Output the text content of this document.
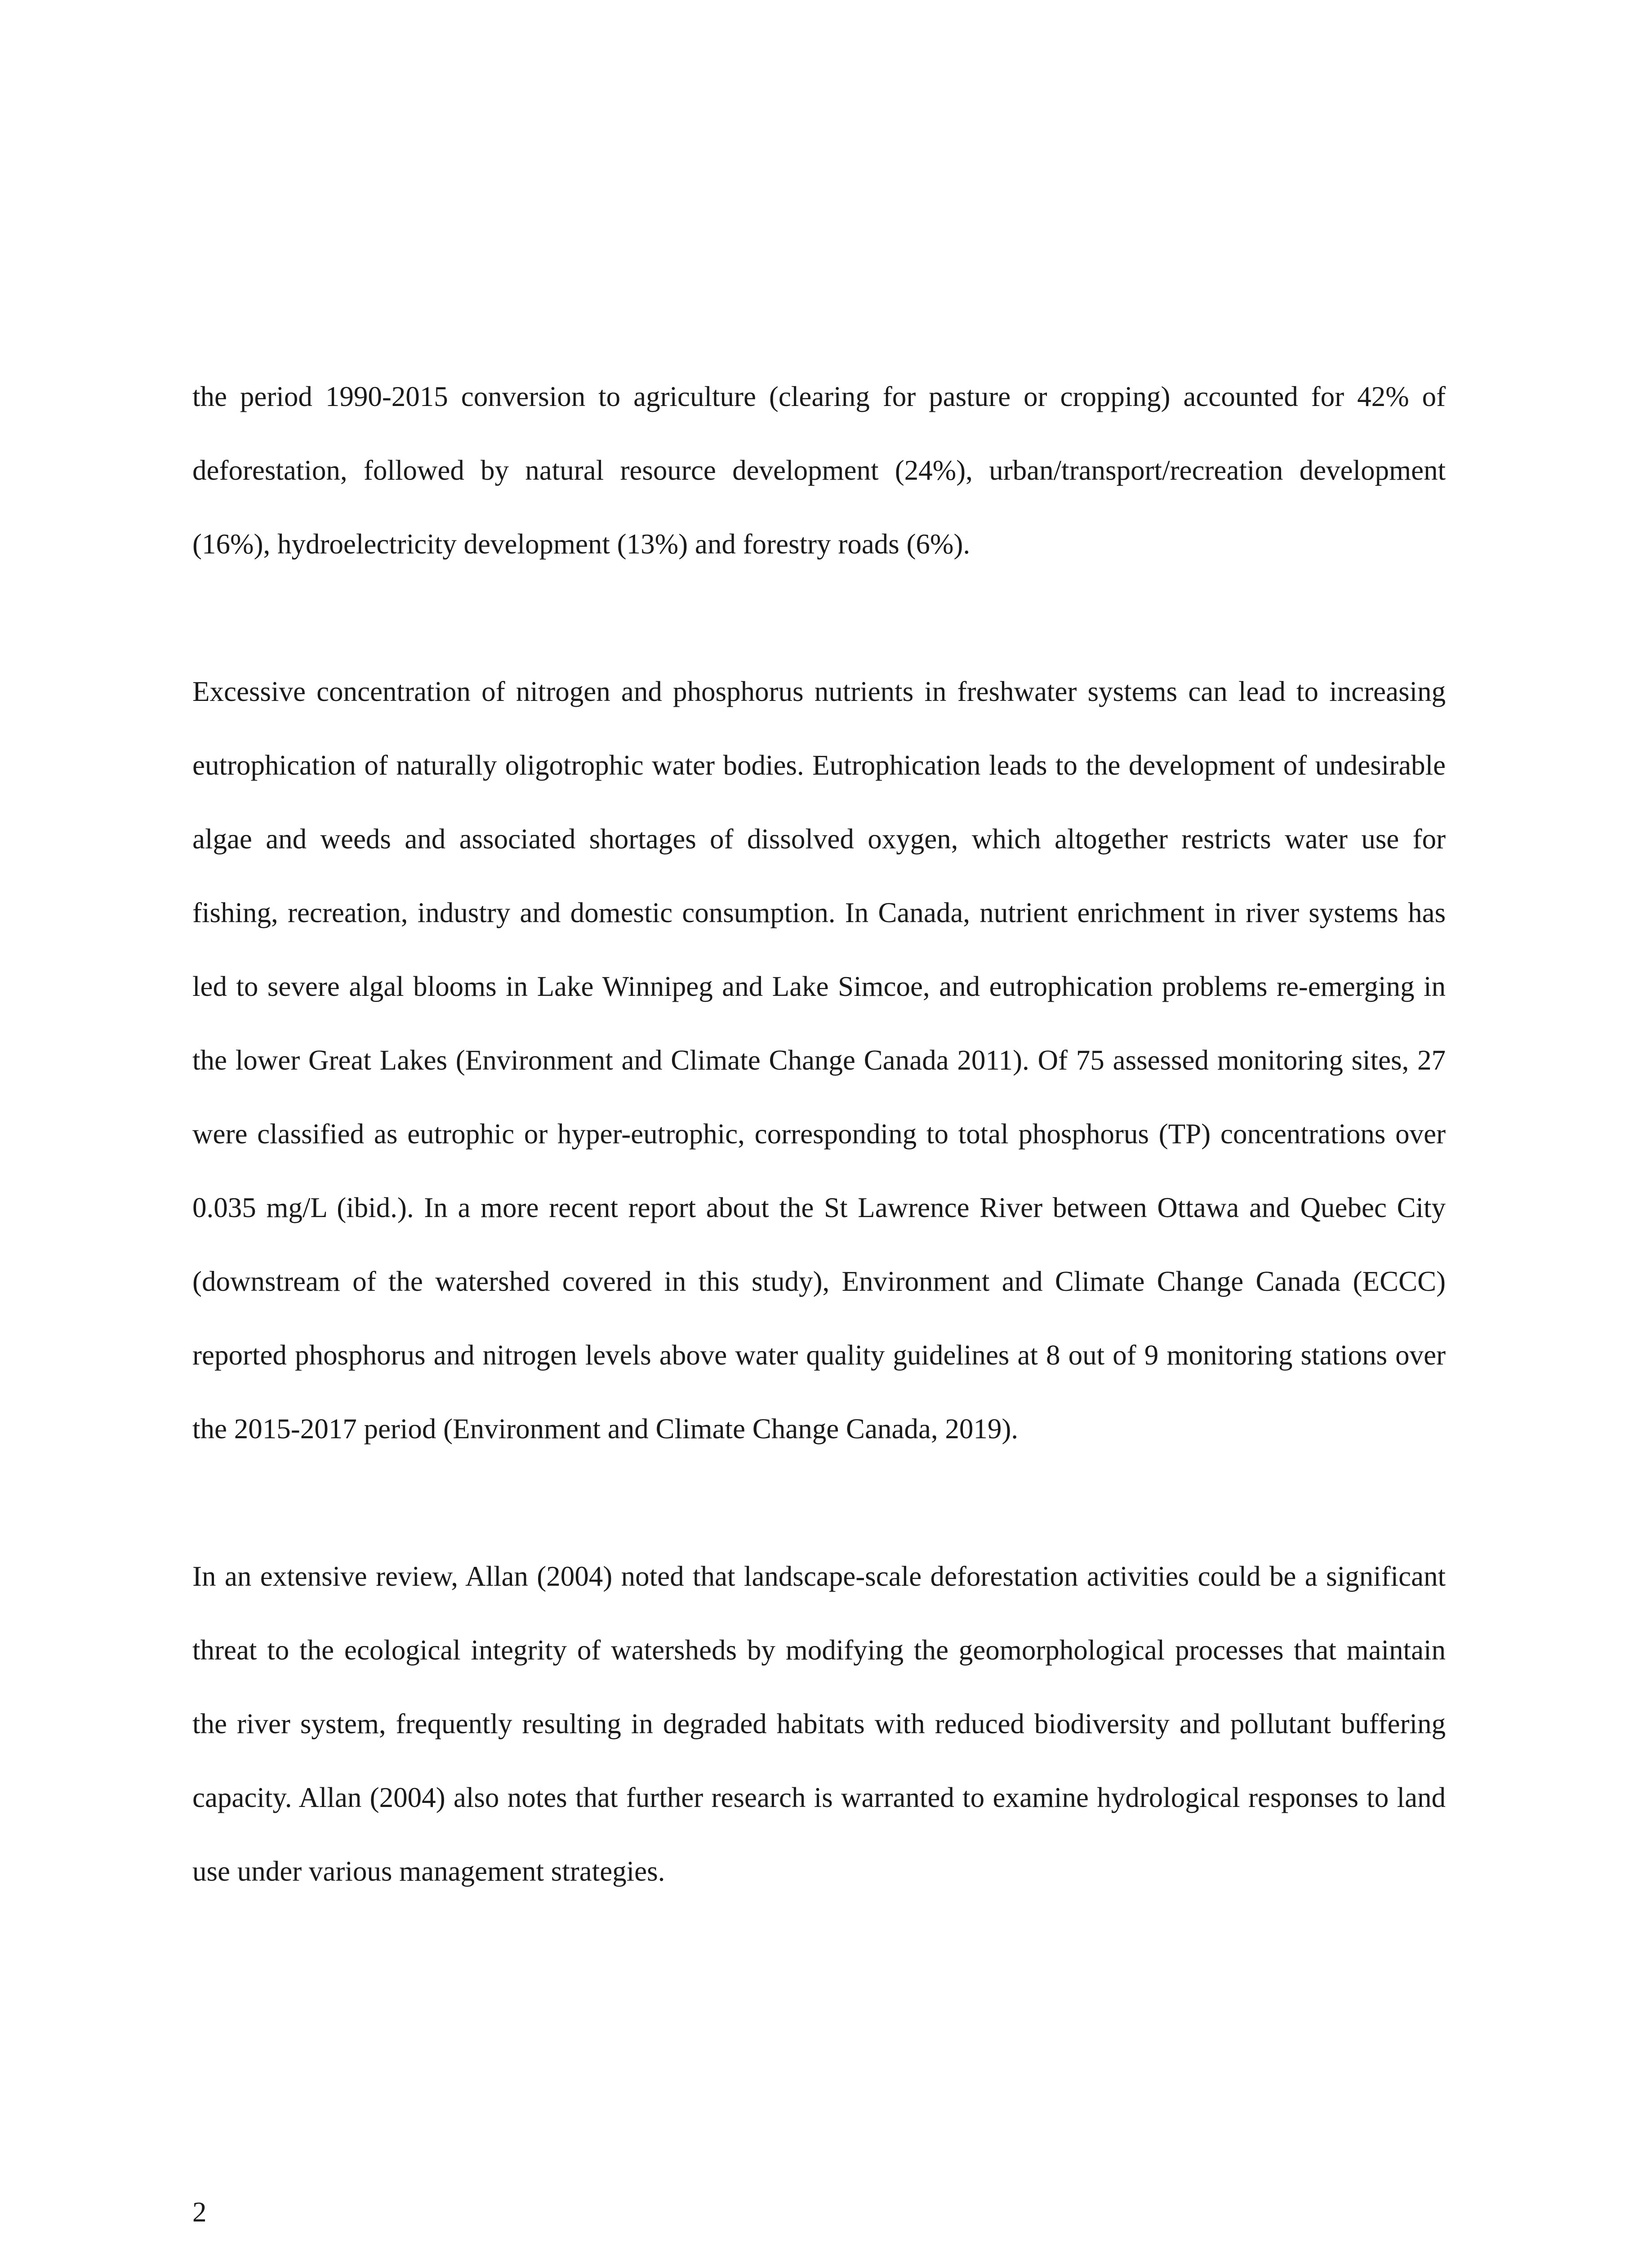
the period 1990-2015 conversion to agriculture (clearing for pasture or cropping) accounted for 42% of deforestation, followed by natural resource development (24%), urban/transport/recreation development (16%), hydroelectricity development (13%) and forestry roads (6%).

Excessive concentration of nitrogen and phosphorus nutrients in freshwater systems can lead to increasing eutrophication of naturally oligotrophic water bodies. Eutrophication leads to the development of undesirable algae and weeds and associated shortages of dissolved oxygen, which altogether restricts water use for fishing, recreation, industry and domestic consumption. In Canada, nutrient enrichment in river systems has led to severe algal blooms in Lake Winnipeg and Lake Simcoe, and eutrophication problems re-emerging in the lower Great Lakes (Environment and Climate Change Canada 2011). Of 75 assessed monitoring sites, 27 were classified as eutrophic or hyper-eutrophic, corresponding to total phosphorus (TP) concentrations over 0.035 mg/L (ibid.). In a more recent report about the St Lawrence River between Ottawa and Quebec City (downstream of the watershed covered in this study), Environment and Climate Change Canada (ECCC) reported phosphorus and nitrogen levels above water quality guidelines at 8 out of 9 monitoring stations over the 2015-2017 period (Environment and Climate Change Canada, 2019).

In an extensive review, Allan (2004) noted that landscape-scale deforestation activities could be a significant threat to the ecological integrity of watersheds by modifying the geomorphological processes that maintain the river system, frequently resulting in degraded habitats with reduced biodiversity and pollutant buffering capacity. Allan (2004) also notes that further research is warranted to examine hydrological responses to land use under various management strategies.

2
